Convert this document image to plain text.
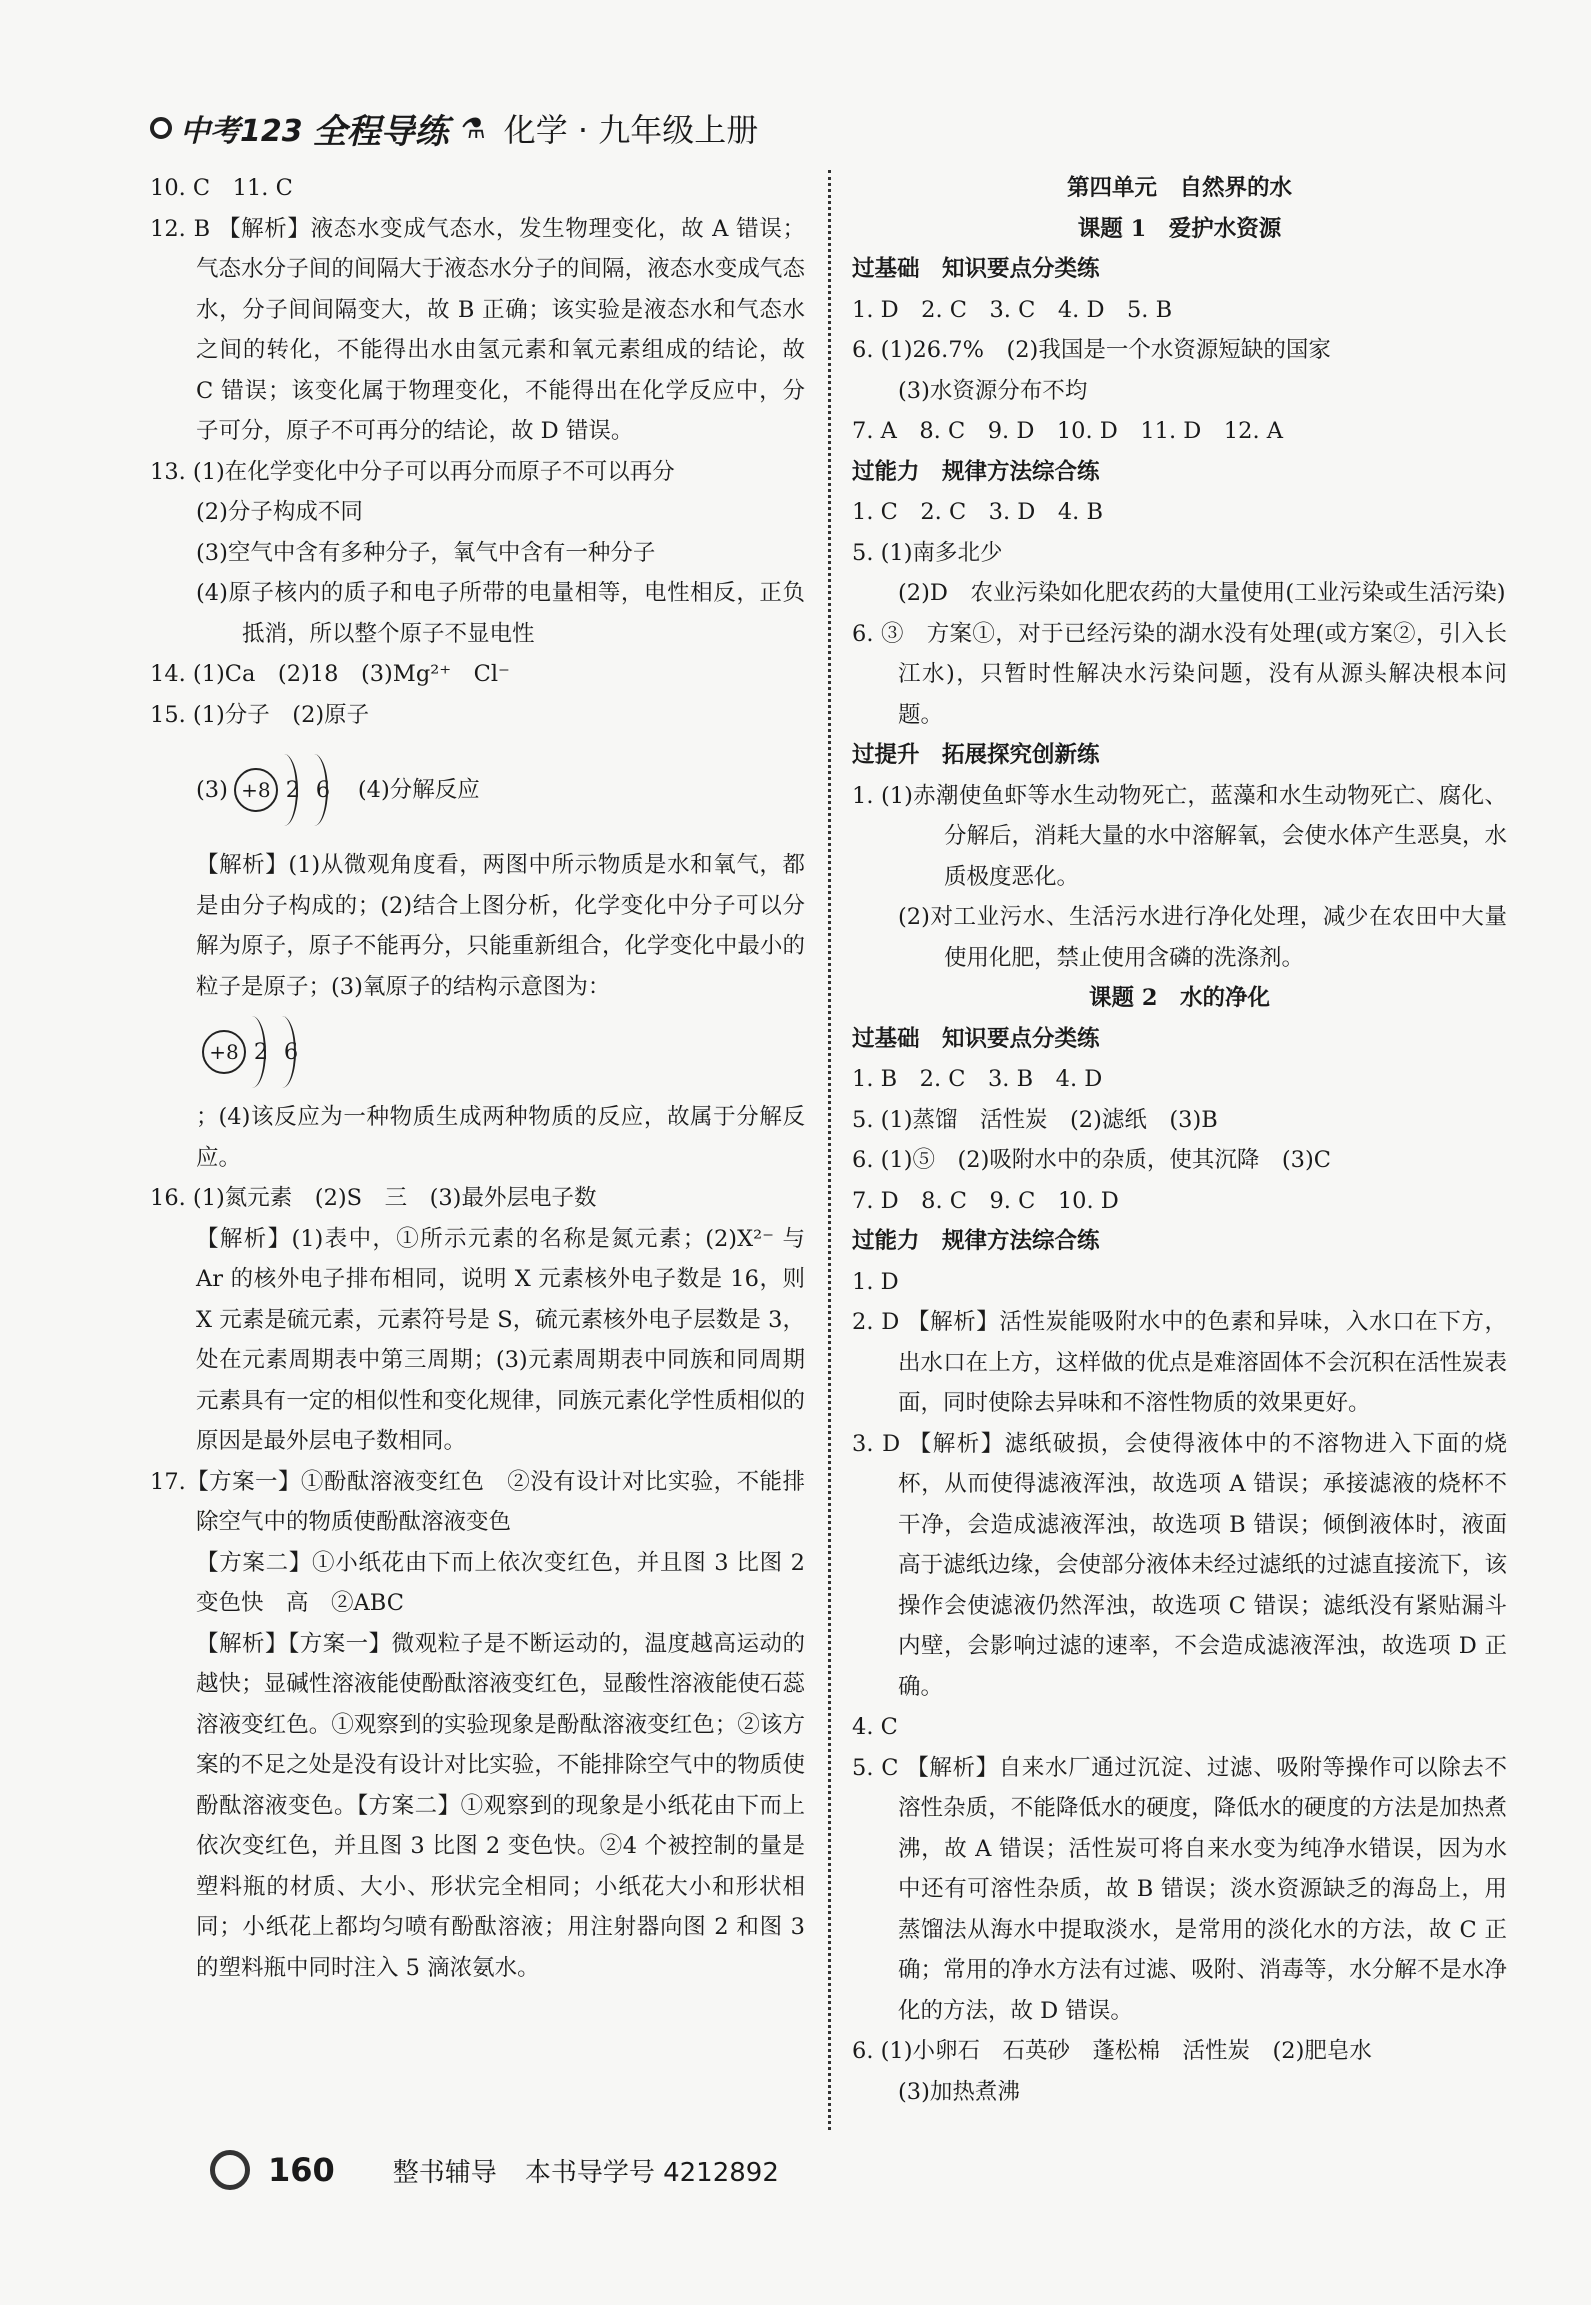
中考123 全程导练 ⚗ 化学 · 九年级上册

10. C　11. C

12. B 【解析】液态水变成气态水，发生物理变化，故 A 错误；气态水分子间的间隔大于液态水分子的间隔，液态水变成气态水，分子间间隔变大，故 B 正确；该实验是液态水和气态水之间的转化，不能得出水由氢元素和氧元素组成的结论，故 C 错误；该变化属于物理变化，不能得出在化学反应中，分子可分，原子不可再分的结论，故 D 错误。

13. (1)在化学变化中分子可以再分而原子不可以再分

(2)分子构成不同

(3)空气中含有多种分子，氧气中含有一种分子

(4)原子核内的质子和电子所带的电量相等，电性相反，正负抵消，所以整个原子不显电性

14. (1)Ca　(2)18　(3)Mg²⁺　Cl⁻

15. (1)分子　(2)原子

(3) +8 2 6 (4)分解反应

【解析】(1)从微观角度看，两图中所示物质是水和氧气，都是由分子构成的；(2)结合上图分析，化学变化中分子可以分解为原子，原子不能再分，只能重新组合，化学变化中最小的粒子是原子；(3)氧原子的结构示意图为：

+8 2 6

；(4)该反应为一种物质生成两种物质的反应，故属于分解反应。

16. (1)氮元素　(2)S　三　(3)最外层电子数

【解析】(1)表中，①所示元素的名称是氮元素；(2)X²⁻ 与 Ar 的核外电子排布相同，说明 X 元素核外电子数是 16，则 X 元素是硫元素，元素符号是 S，硫元素核外电子层数是 3，处在元素周期表中第三周期；(3)元素周期表中同族和同周期元素具有一定的相似性和变化规律，同族元素化学性质相似的原因是最外层电子数相同。

17.【方案一】①酚酞溶液变红色　②没有设计对比实验，不能排除空气中的物质使酚酞溶液变色

【方案二】①小纸花由下而上依次变红色，并且图 3 比图 2 变色快　高　②ABC

【解析】【方案一】微观粒子是不断运动的，温度越高运动的越快；显碱性溶液能使酚酞溶液变红色，显酸性溶液能使石蕊溶液变红色。①观察到的实验现象是酚酞溶液变红色；②该方案的不足之处是没有设计对比实验，不能排除空气中的物质使酚酞溶液变色。【方案二】①观察到的现象是小纸花由下而上依次变红色，并且图 3 比图 2 变色快。②4 个被控制的量是塑料瓶的材质、大小、形状完全相同；小纸花大小和形状相同；小纸花上都均匀喷有酚酞溶液；用注射器向图 2 和图 3 的塑料瓶中同时注入 5 滴浓氨水。

第四单元　自然界的水

课题 1　爱护水资源

过基础　知识要点分类练

1. D　2. C　3. C　4. D　5. B

6. (1)26.7%　(2)我国是一个水资源短缺的国家

(3)水资源分布不均

7. A　8. C　9. D　10. D　11. D　12. A

过能力　规律方法综合练

1. C　2. C　3. D　4. B

5. (1)南多北少

(2)D　农业污染如化肥农药的大量使用(工业污染或生活污染)

6. ③　方案①，对于已经污染的湖水没有处理(或方案②，引入长江水)，只暂时性解决水污染问题，没有从源头解决根本问题。

过提升　拓展探究创新练

1. (1)赤潮使鱼虾等水生动物死亡，蓝藻和水生动物死亡、腐化、分解后，消耗大量的水中溶解氧，会使水体产生恶臭，水质极度恶化。

(2)对工业污水、生活污水进行净化处理，减少在农田中大量使用化肥，禁止使用含磷的洗涤剂。

课题 2　水的净化

过基础　知识要点分类练

1. B　2. C　3. B　4. D

5. (1)蒸馏　活性炭　(2)滤纸　(3)B

6. (1)⑤　(2)吸附水中的杂质，使其沉降　(3)C

7. D　8. C　9. C　10. D

过能力　规律方法综合练

1. D

2. D 【解析】活性炭能吸附水中的色素和异味，入水口在下方，出水口在上方，这样做的优点是难溶固体不会沉积在活性炭表面，同时使除去异味和不溶性物质的效果更好。

3. D 【解析】滤纸破损，会使得液体中的不溶物进入下面的烧杯，从而使得滤液浑浊，故选项 A 错误；承接滤液的烧杯不干净，会造成滤液浑浊，故选项 B 错误；倾倒液体时，液面高于滤纸边缘，会使部分液体未经过滤纸的过滤直接流下，该操作会使滤液仍然浑浊，故选项 C 错误；滤纸没有紧贴漏斗内壁，会影响过滤的速率，不会造成滤液浑浊，故选项 D 正确。

4. C

5. C 【解析】自来水厂通过沉淀、过滤、吸附等操作可以除去不溶性杂质，不能降低水的硬度，降低水的硬度的方法是加热煮沸，故 A 错误；活性炭可将自来水变为纯净水错误，因为水中还有可溶性杂质，故 B 错误；淡水资源缺乏的海岛上，用蒸馏法从海水中提取淡水，是常用的淡化水的方法，故 C 正确；常用的净水方法有过滤、吸附、消毒等，水分解不是水净化的方法，故 D 错误。

6. (1)小卵石　石英砂　蓬松棉　活性炭　(2)肥皂水

(3)加热煮沸

160 整书辅导 本书导学号 4212892
